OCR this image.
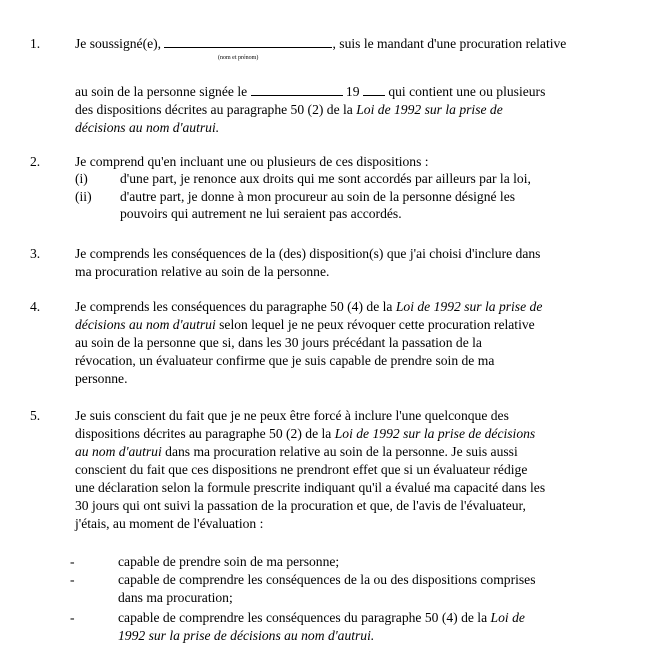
1.	Je soussigné(e),	, suis le mandant d'une procuration relative
(nom et prénom)
au soin de la personne signée le	19  qui contient une ou plusieurs
des dispositions décrites au paragraphe 50 (2) de la Loi de 1992 sur la prise de
décisions au nom d'autrui.
2.	Je comprend qu'en incluant une ou plusieurs de ces dispositions :
(i) d'une part, je renonce aux droits qui me sont accordés par ailleurs par la loi,
(ii) d'autre part, je donne à mon procureur au soin de la personne désigné les
pouvoirs qui autrement ne lui seraient pas accordés.
3.	Je comprends les conséquences de la (des) disposition(s) que j'ai choisi d'inclure dans
ma procuration relative au soin de la personne.
4.	Je comprends les conséquences du paragraphe 50 (4) de la Loi de 1992 sur la prise de
décisions au nom d'autrui selon lequel je ne peux révoquer cette procuration relative
au soin de la personne que si, dans les 30 jours précédant la passation de la
révocation, un évaluateur confirme que je suis capable de prendre soin de ma
personne.
5.	Je suis conscient du fait que je ne peux être forcé à inclure l'une quelconque des
dispositions décrites au paragraphe 50 (2) de la Loi de 1992 sur la prise de décisions
au nom d'autrui dans ma procuration relative au soin de la personne. Je suis aussi
conscient du fait que ces dispositions ne prendront effet que si un évaluateur rédige
une déclaration selon la formule prescrite indiquant qu'il a évalué ma capacité dans les
30 jours qui ont suivi la passation de la procuration et que, de l'avis de l'évaluateur,
j'étais, au moment de l'évaluation :
-	capable de prendre soin de ma personne;
-	capable de comprendre les conséquences de la ou des dispositions comprises
dans ma procuration;
-	capable de comprendre les conséquences du paragraphe 50 (4) de la Loi de
1992 sur la prise de décisions au nom d'autrui.
